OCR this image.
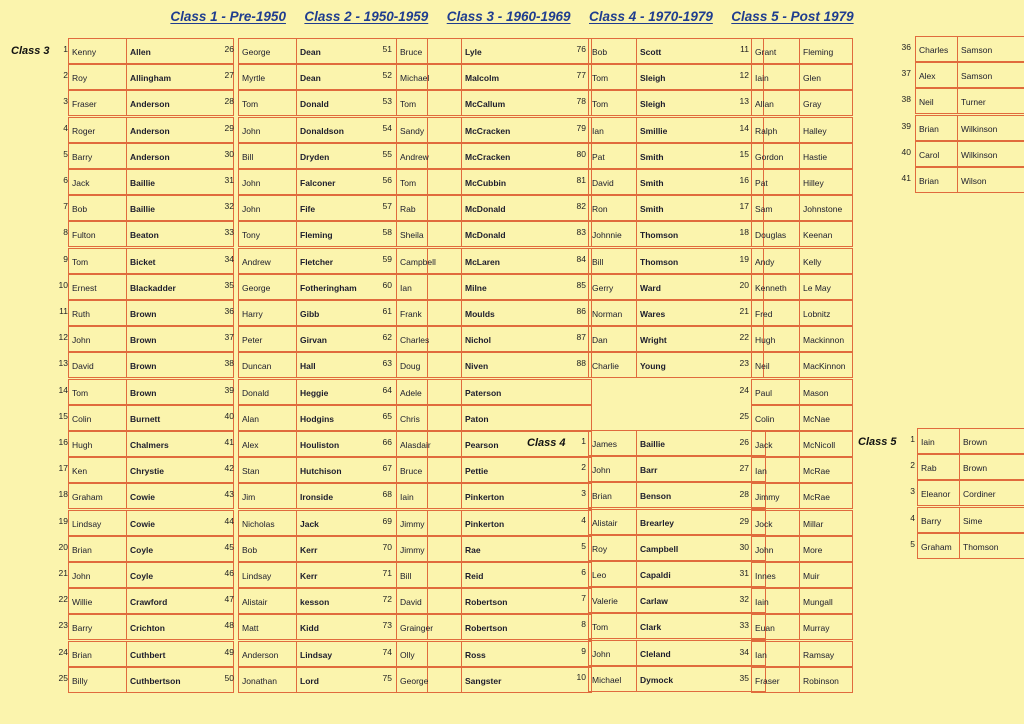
Class 1 - Pre-1950 Class 2 - 1950-1959 Class 3 - 1960-1969 Class 4 - 1970-1979 Class 5 - Post 1979
Class 3
Class 4	Class 5
1 Kenny	Allen
2 Roy	Allingham
3 Fraser	Anderson
4 Roger	Anderson
5 Barry	Anderson
6 Jack	Baillie
7 Bob	Baillie
8 Fulton	Beaton
9 Tom	Bicket
10 Ernest	Blackadder
11 Ruth	Brown
12 John	Brown
13 David	Brown
14 Tom	Brown
15 Colin	Burnett
16 Hugh	Chalmers
17 Ken	Chrystie
18 Graham	Cowie
19 Lindsay	Cowie
20 Brian	Coyle
21 John	Coyle
22 Willie	Crawford
23 Barry	Crichton
24 Brian	Cuthbert
25 Billy	Cuthbertson
26 George	Dean
27 Myrtle	Dean
28 Tom	Donald
29 John	Donaldson
30 Bill	Dryden
31 John	Falconer
32 John	Fife
33 Tony	Fleming
34 Andrew	Fletcher
35 George	Fotheringham
36 Harry	Gibb
37 Peter	Girvan
38 Duncan	Hall
39 Donald	Heggie
40 Alan	Hodgins
41 Alex	Houliston
42 Stan	Hutchison
43 Jim	Ironside
44 Nicholas	Jack
45 Bob	Kerr
46 Lindsay	Kerr
47 Alistair	kesson
48 Matt	Kidd
49 Anderson	Lindsay
50 Jonathan	Lord
51 Bruce	Lyle
52 Michael	Malcolm
53 Tom	McCallum
54 Sandy	McCracken
55 Andrew	McCracken
56 Tom	McCubbin
57 Rab	McDonald
58 Sheila	McDonald
59 Campbell	McLaren
60 Ian	Milne
61 Frank	Moulds
62 Charles	Nichol
63 Doug	Niven
64 Adele	Paterson
65 Chris	Paton
66 Alasdair	Pearson
67 Bruce	Pettie
68 Iain	Pinkerton
69 Jimmy	Pinkerton
70 Jimmy	Rae
71 Bill	Reid
72 David	Robertson
73 Grainger	Robertson
74 Olly	Ross
75 George	Sangster
76 Bob	Scott
77 Tom	Sleigh
78 Tom	Sleigh
79 Ian	Smillie
80 Pat	Smith
81 David	Smith
82 Ron	Smith
83 Johnnie	Thomson
84 Bill	Thomson
85 Gerry	Ward
86 Norman	Wares
87 Dan	Wright
88 Charlie	Young
1 James	Baillie
2 John	Barr
3 Brian	Benson
4 Alistair	Brearley
5 Roy	Campbell
6 Leo	Capaldi
7 Valerie	Carlaw
8 Tom	Clark
9 John	Cleland
10 Michael	Dymock
11 Grant	Fleming
12 Iain	Glen
13 Allan	Gray
14 Ralph	Halley
15 Gordon	Hastie
16 Pat	Hilley
17 Sam	Johnstone
18 Douglas	Keenan
19 Andy	Kelly
20 Kenneth	Le May
21 Fred	Lobnitz
22 Hugh	Mackinnon
23 Neil	MacKinnon
24 Paul	Mason
25 Colin	McNae
26 Jack	McNicoll
27 Ian	McRae
28 Jimmy	McRae
29 Jock	Millar
30 John	More
31 Innes	Muir
32 Iain	Mungall
33 Euan	Murray
34 Ian	Ramsay
35 Fraser	Robinson
36 Charles	Samson
37 Alex	Samson
38 Neil	Turner
39 Brian	Wilkinson
40 Carol	Wilkinson
41 Brian	Wilson
1 Iain	Brown
2 Rab	Brown
3 Eleanor	Cordiner
4 Barry	Sime
5 Graham	Thomson
